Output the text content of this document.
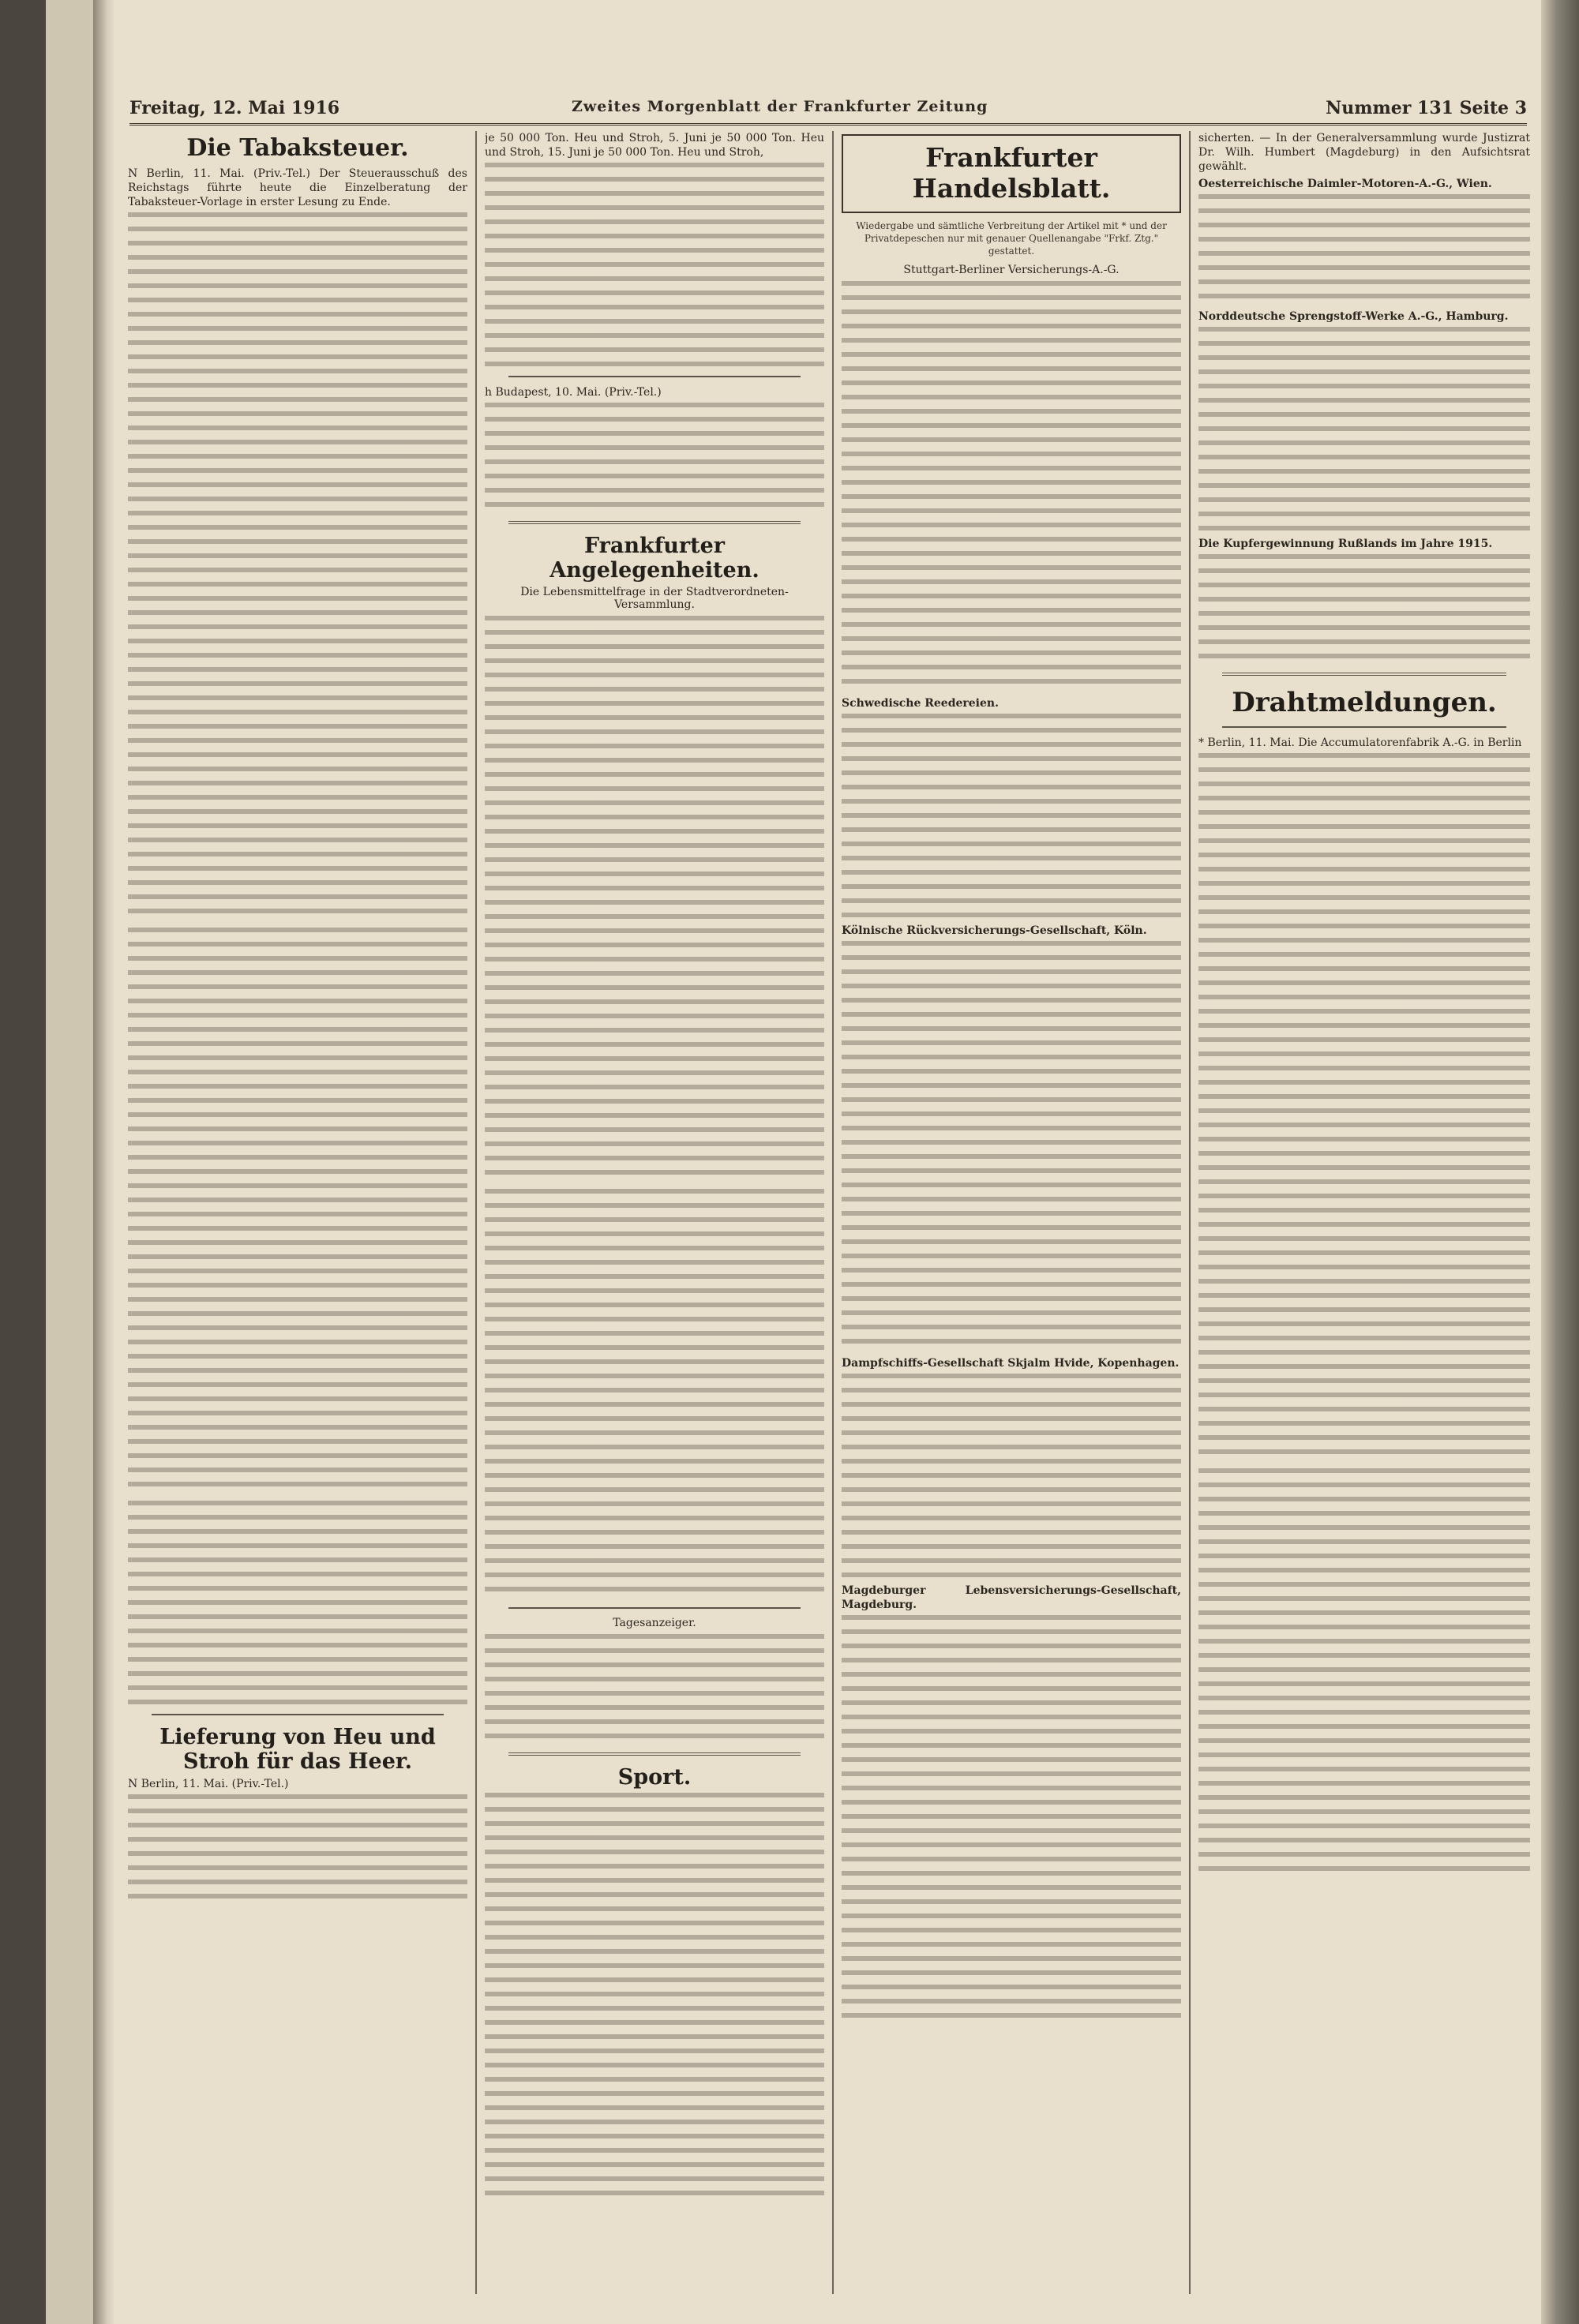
Freitag, 12. Mai 1916	Zweites Morgenblatt der Frankfurter Zeitung	Nummer 131 Seite 3
Die Tabaksteuer.
N Berlin, 11. Mai. (Priv.-Tel.) Der Steuerausschuß des Reichstags führte heute die Einzelberatung der Tabaksteuer-Vorlage in erster Lesung zu Ende.
Lieferung von Heu und Stroh für das Heer.
N Berlin, 11. Mai. (Priv.-Tel.)
je 50 000 Ton. Heu und Stroh, 5. Juni je 50 000 Ton. Heu und Stroh, 15. Juni je 50 000 Ton. Heu und Stroh,
h Budapest, 10. Mai. (Priv.-Tel.)
Frankfurter Angelegenheiten.
Die Lebensmittelfrage in der Stadtverordneten-Versammlung.
Tagesanzeiger.
Sport.
Frankfurter Handelsblatt.
Wiedergabe und sämtliche Verbreitung der Artikel mit * und der Privatdepeschen nur mit genauer Quellenangabe "Frkf. Ztg." gestattet.
Stuttgart-Berliner Versicherungs-A.-G.
Schwedische Reedereien.
Kölnische Rückversicherungs-Gesellschaft, Köln.
Dampfschiffs-Gesellschaft Skjalm Hvide, Kopenhagen.
Magdeburger Lebensversicherungs-Gesellschaft, Magdeburg.
sicherten. — In der Generalversammlung wurde Justizrat Dr. Wilh. Humbert (Magdeburg) in den Aufsichtsrat gewählt.
Oesterreichische Daimler-Motoren-A.-G., Wien.
Norddeutsche Sprengstoff-Werke A.-G., Hamburg.
Die Kupfergewinnung Rußlands im Jahre 1915.
Drahtmeldungen.
* Berlin, 11. Mai. Die Accumulatorenfabrik A.-G. in Berlin
